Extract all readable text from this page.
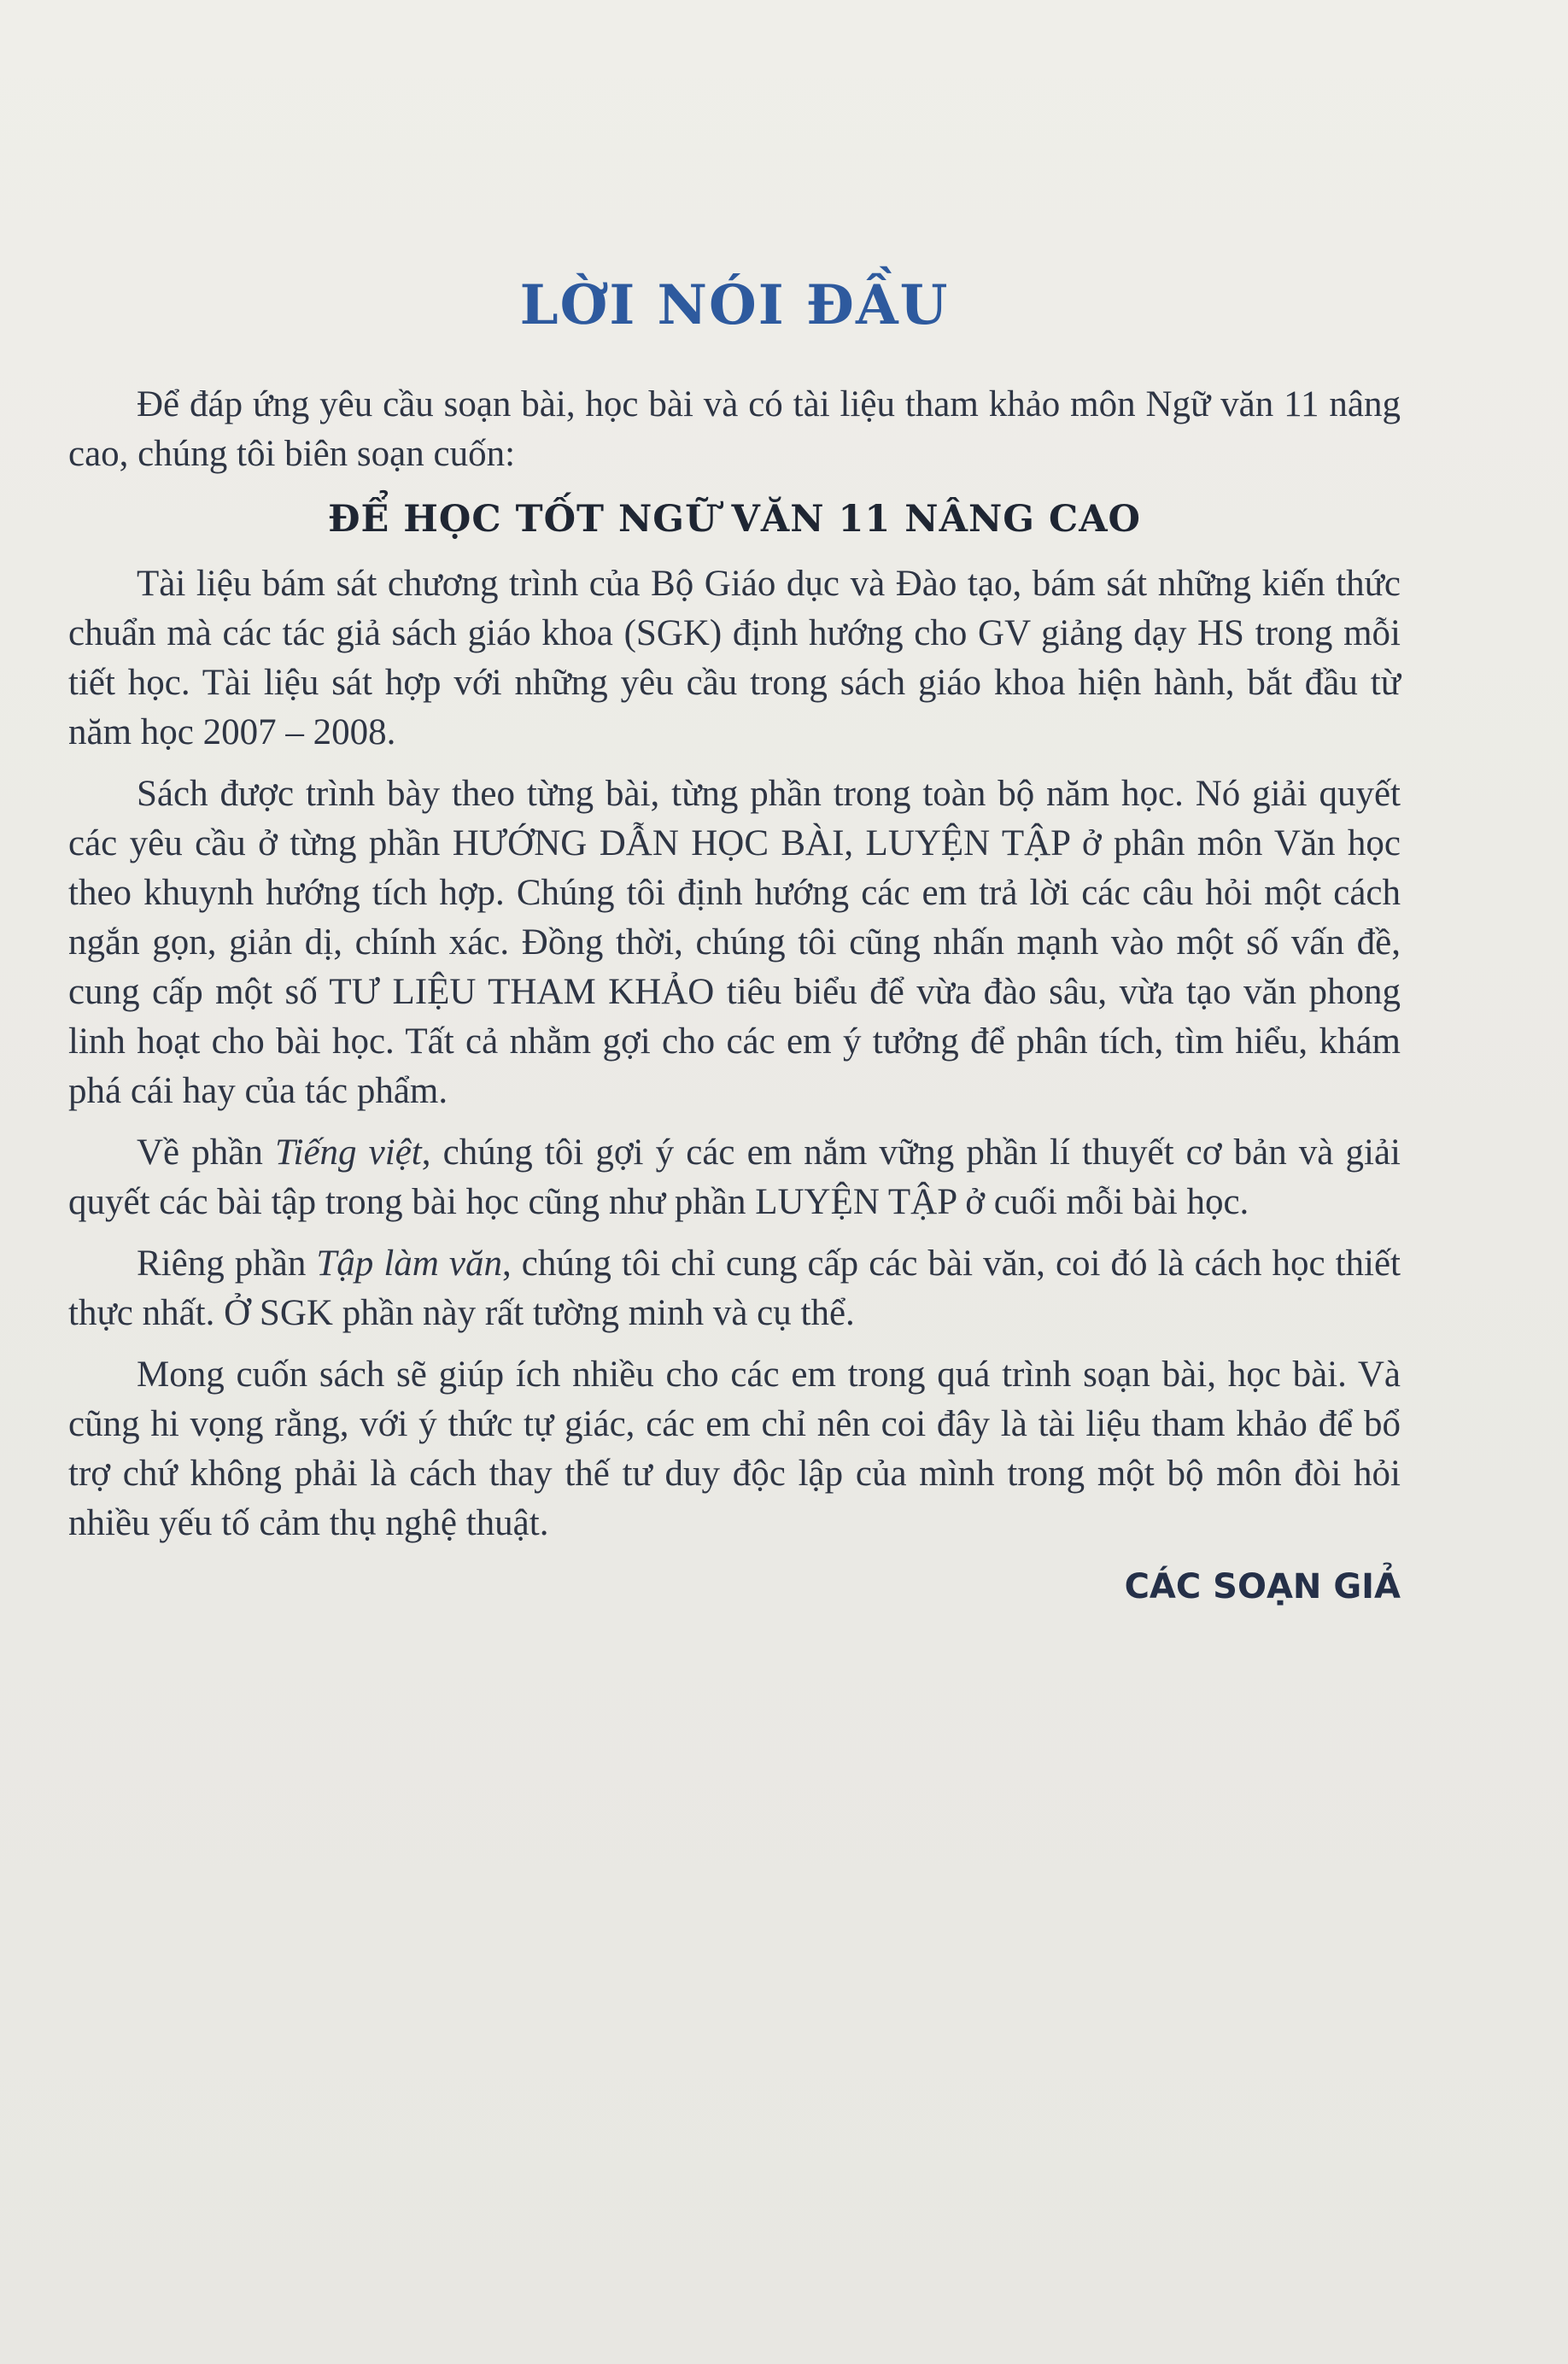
LỜI NÓI ĐẦU

Để đáp ứng yêu cầu soạn bài, học bài và có tài liệu tham khảo môn Ngữ văn 11 nâng cao, chúng tôi biên soạn cuốn:

ĐỂ HỌC TỐT NGỮ VĂN 11 NÂNG CAO

Tài liệu bám sát chương trình của Bộ Giáo dục và Đào tạo, bám sát những kiến thức chuẩn mà các tác giả sách giáo khoa (SGK) định hướng cho GV giảng dạy HS trong mỗi tiết học. Tài liệu sát hợp với những yêu cầu trong sách giáo khoa hiện hành, bắt đầu từ năm học 2007 – 2008.

Sách được trình bày theo từng bài, từng phần trong toàn bộ năm học. Nó giải quyết các yêu cầu ở từng phần HƯỚNG DẪN HỌC BÀI, LUYỆN TẬP ở phân môn Văn học theo khuynh hướng tích hợp. Chúng tôi định hướng các em trả lời các câu hỏi một cách ngắn gọn, giản dị, chính xác. Đồng thời, chúng tôi cũng nhấn mạnh vào một số vấn đề, cung cấp một số TƯ LIỆU THAM KHẢO tiêu biểu để vừa đào sâu, vừa tạo văn phong linh hoạt cho bài học. Tất cả nhằm gợi cho các em ý tưởng để phân tích, tìm hiểu, khám phá cái hay của tác phẩm.

Về phần Tiếng việt, chúng tôi gợi ý các em nắm vững phần lí thuyết cơ bản và giải quyết các bài tập trong bài học cũng như phần LUYỆN TẬP ở cuối mỗi bài học.

Riêng phần Tập làm văn, chúng tôi chỉ cung cấp các bài văn, coi đó là cách học thiết thực nhất. Ở SGK phần này rất tường minh và cụ thể.

Mong cuốn sách sẽ giúp ích nhiều cho các em trong quá trình soạn bài, học bài. Và cũng hi vọng rằng, với ý thức tự giác, các em chỉ nên coi đây là tài liệu tham khảo để bổ trợ chứ không phải là cách thay thế tư duy độc lập của mình trong một bộ môn đòi hỏi nhiều yếu tố cảm thụ nghệ thuật.

CÁC SOẠN GIẢ
